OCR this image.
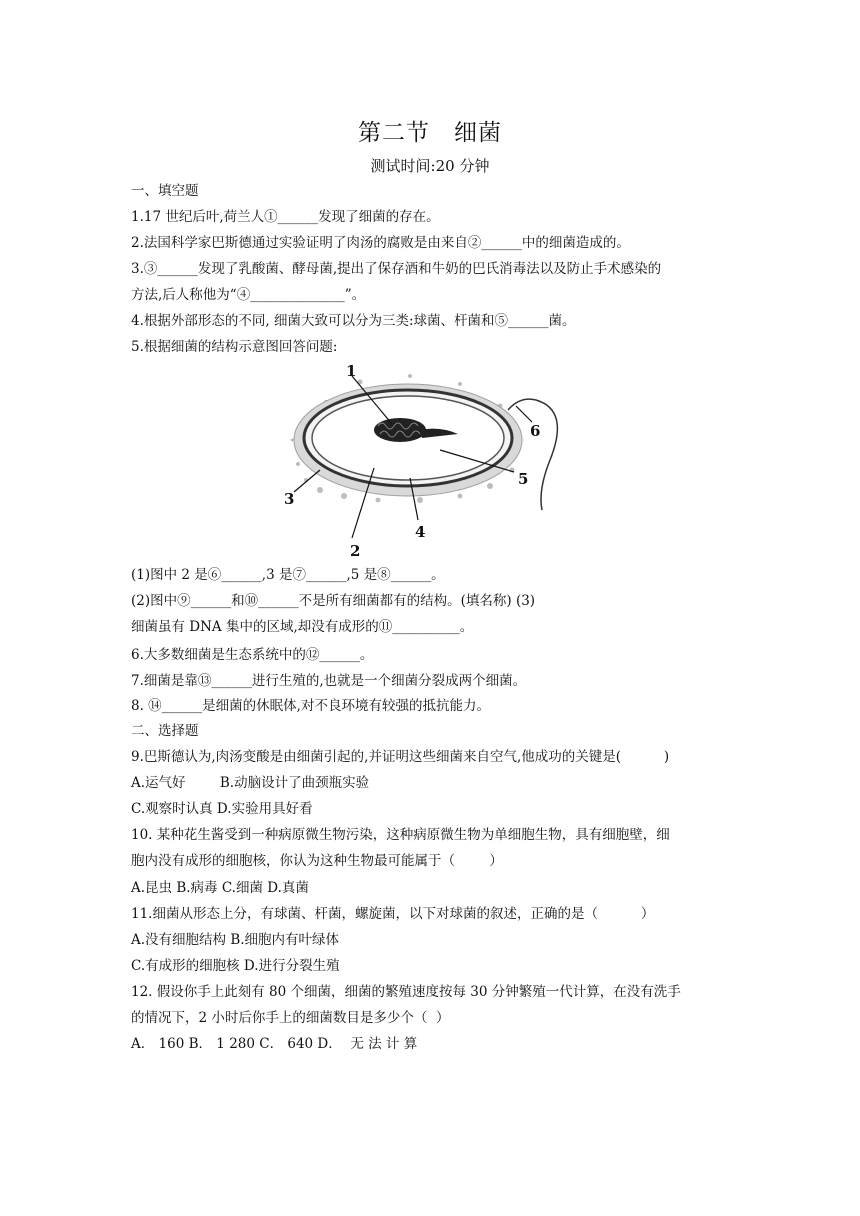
第二节　细菌
测试时间:20 分钟
一、填空题
1.17 世纪后叶,荷兰人①______发现了细菌的存在。
2.法国科学家巴斯德通过实验证明了肉汤的腐败是由来自②______中的细菌造成的。
3.③______发现了乳酸菌、酵母菌,提出了保存酒和牛奶的巴氏消毒法以及防止手术感染的
方法,后人称他为“④______________”。
4.根据外部形态的不同, 细菌大致可以分为三类:球菌、杆菌和⑤______菌。
5.根据细菌的结构示意图回答问题:
1
2
3
4
5
6
(1)图中 2 是⑥______,3 是⑦______,5 是⑧______。
(2)图中⑨______和⑩______不是所有细菌都有的结构。(填名称) (3)
细菌虽有 DNA 集中的区域,却没有成形的⑪__________。
6.大多数细菌是生态系统中的⑫______。
7.细菌是靠⑬______进行生殖的,也就是一个细菌分裂成两个细菌。
8. ⑭______是细菌的休眠体,对不良环境有较强的抵抗能力。
二、选择题
9.巴斯德认为,肉汤变酸是由细菌引起的,并证明这些细菌来自空气,他成功的关键是(          )
A.运气好        B.动脑设计了曲颈瓶实验
C.观察时认真 D.实验用具好看
10. 某种花生酱受到一种病原微生物污染，这种病原微生物为单细胞生物，具有细胞壁，细
胞内没有成形的细胞核，你认为这种生物最可能属于（        ）
A.昆虫 B.病毒 C.细菌 D.真菌
11.细菌从形态上分，有球菌、杆菌，螺旋菌，以下对球菌的叙述，正确的是（          ）
A.没有细胞结构 B.细胞内有叶绿体
C.有成形的细胞核 D.进行分裂生殖
12. 假设你手上此刻有 80 个细菌，细菌的繁殖速度按每 30 分钟繁殖一代计算，在没有洗手
的情况下，2 小时后你手上的细菌数目是多少个（  ）
A． 160 B． 1 280 C． 640 D．  无 法 计 算
